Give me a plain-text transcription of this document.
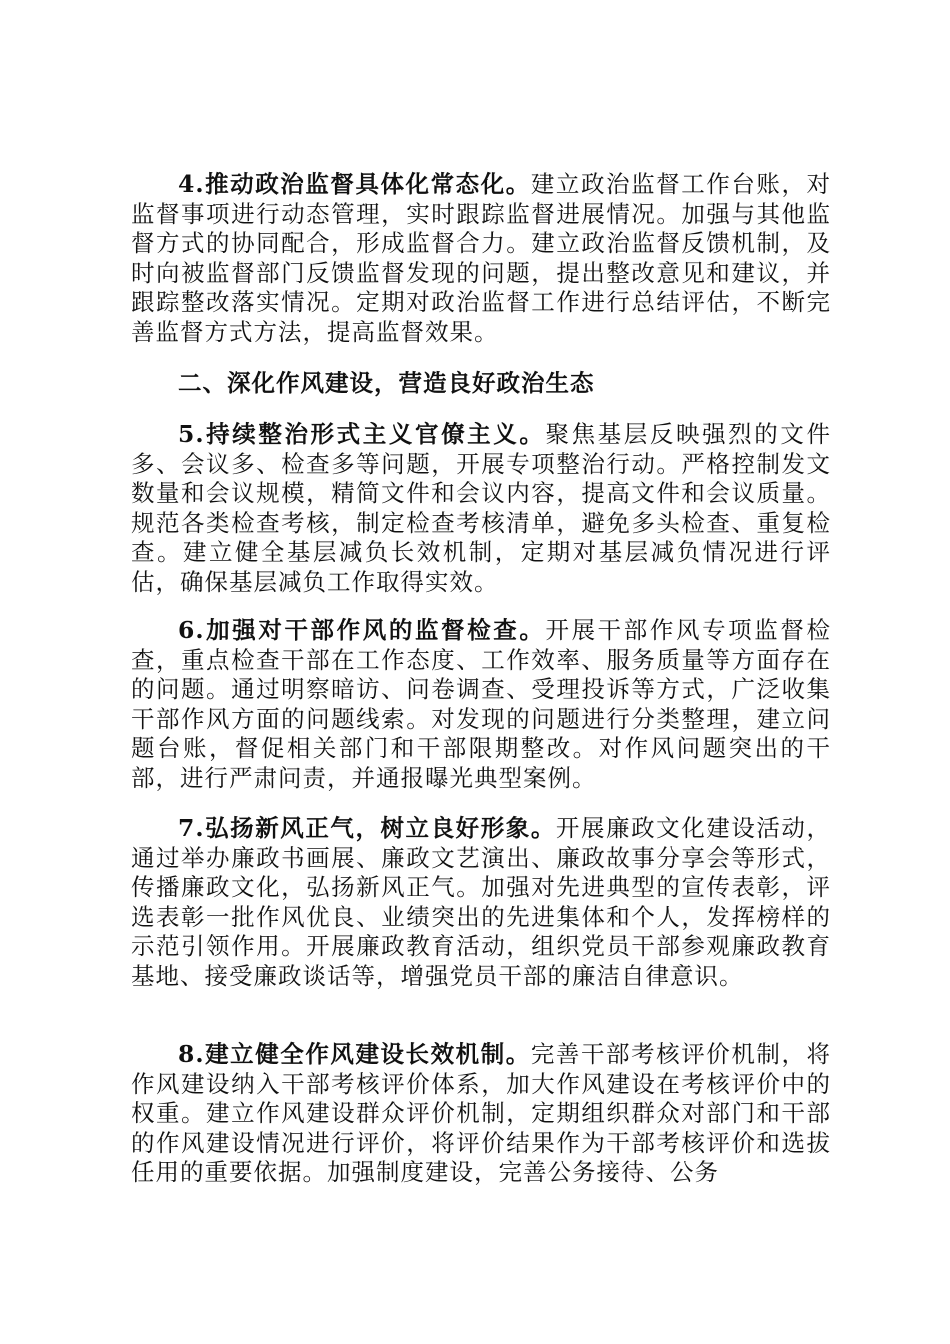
4.推动政治监督具体化常态化。建立政治监督工作台账，对监督事项进行动态管理，实时跟踪监督进展情况。加强与其他监督方式的协同配合，形成监督合力。建立政治监督反馈机制，及时向被监督部门反馈监督发现的问题，提出整改意见和建议，并跟踪整改落实情况。定期对政治监督工作进行总结评估，不断完善监督方式方法，提高监督效果。

二、深化作风建设，营造良好政治生态

5.持续整治形式主义官僚主义。聚焦基层反映强烈的文件多、会议多、检查多等问题，开展专项整治行动。严格控制发文数量和会议规模，精简文件和会议内容，提高文件和会议质量。规范各类检查考核，制定检查考核清单，避免多头检查、重复检查。建立健全基层减负长效机制，定期对基层减负情况进行评估，确保基层减负工作取得实效。

6.加强对干部作风的监督检查。开展干部作风专项监督检查，重点检查干部在工作态度、工作效率、服务质量等方面存在的问题。通过明察暗访、问卷调查、受理投诉等方式，广泛收集干部作风方面的问题线索。对发现的问题进行分类整理，建立问题台账，督促相关部门和干部限期整改。对作风问题突出的干部，进行严肃问责，并通报曝光典型案例。

7.弘扬新风正气，树立良好形象。开展廉政文化建设活动，通过举办廉政书画展、廉政文艺演出、廉政故事分享会等形式，传播廉政文化，弘扬新风正气。加强对先进典型的宣传表彰，评选表彰一批作风优良、业绩突出的先进集体和个人，发挥榜样的示范引领作用。开展廉政教育活动，组织党员干部参观廉政教育基地、接受廉政谈话等，增强党员干部的廉洁自律意识。

8.建立健全作风建设长效机制。完善干部考核评价机制，将作风建设纳入干部考核评价体系，加大作风建设在考核评价中的权重。建立作风建设群众评价机制，定期组织群众对部门和干部的作风建设情况进行评价，将评价结果作为干部考核评价和选拔任用的重要依据。加强制度建设，完善公务接待、公务
